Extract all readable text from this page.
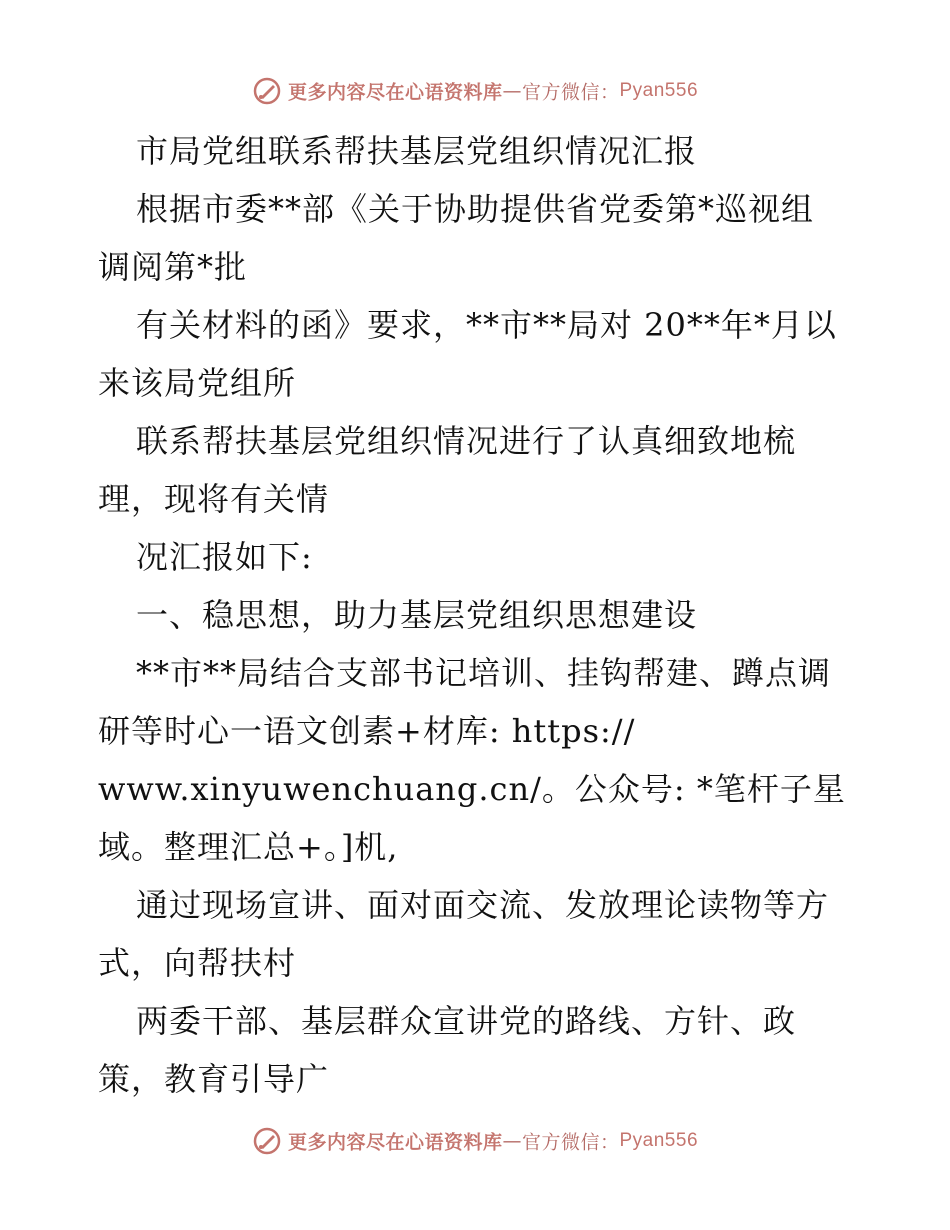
更多内容尽在心语资料库—官方微信：Pyan556

市局党组联系帮扶基层党组织情况汇报

根据市委**部《关于协助提供省党委第*巡视组

调阅第*批

有关材料的函》要求，**市**局对 20**年*月以

来该局党组所

联系帮扶基层党组织情况进行了认真细致地梳

理，现将有关情

况汇报如下:

一、稳思想，助力基层党组织思想建设

**市**局结合支部书记培训、挂钩帮建、蹲点调

研等时心一语文创素+材库: https://

www.xinyuwenchuang.cn/。公众号: *笔杆子星

域。整理汇总+。]机,

通过现场宣讲、面对面交流、发放理论读物等方

式，向帮扶村

两委干部、基层群众宣讲党的路线、方针、政

策，教育引导广

更多内容尽在心语资料库—官方微信：Pyan556
